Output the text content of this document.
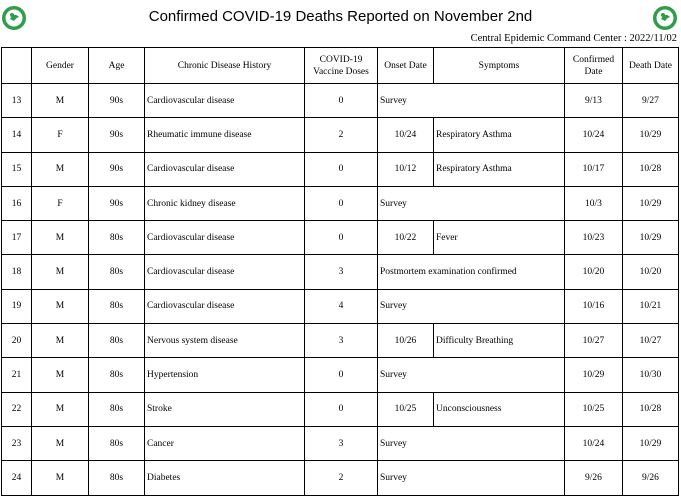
Confirmed COVID-19 Deaths Reported on November 2nd
Central Epidemic Command Center : 2022/11/02
	Gender	Age	Chronic Disease History	COVID-19 Vaccine Doses	Onset Date	Symptoms	Confirmed Date	Death Date
13	M	90s	Cardiovascular disease	0	Survey		9/13	9/27
14	F	90s	Rheumatic immune disease	2	10/24	Respiratory Asthma	10/24	10/29
15	M	90s	Cardiovascular disease	0	10/12	Respiratory Asthma	10/17	10/28
16	F	90s	Chronic kidney disease	0	Survey		10/3	10/29
17	M	80s	Cardiovascular disease	0	10/22	Fever	10/23	10/29
18	M	80s	Cardiovascular disease	3	Postmortem examination confirmed		10/20	10/20
19	M	80s	Cardiovascular disease	4	Survey		10/16	10/21
20	M	80s	Nervous system disease	3	10/26	Difficulty Breathing	10/27	10/27
21	M	80s	Hypertension	0	Survey		10/29	10/30
22	M	80s	Stroke	0	10/25	Unconsciousness	10/25	10/28
23	M	80s	Cancer	3	Survey		10/24	10/29
24	M	80s	Diabetes	2	Survey		9/26	9/26
